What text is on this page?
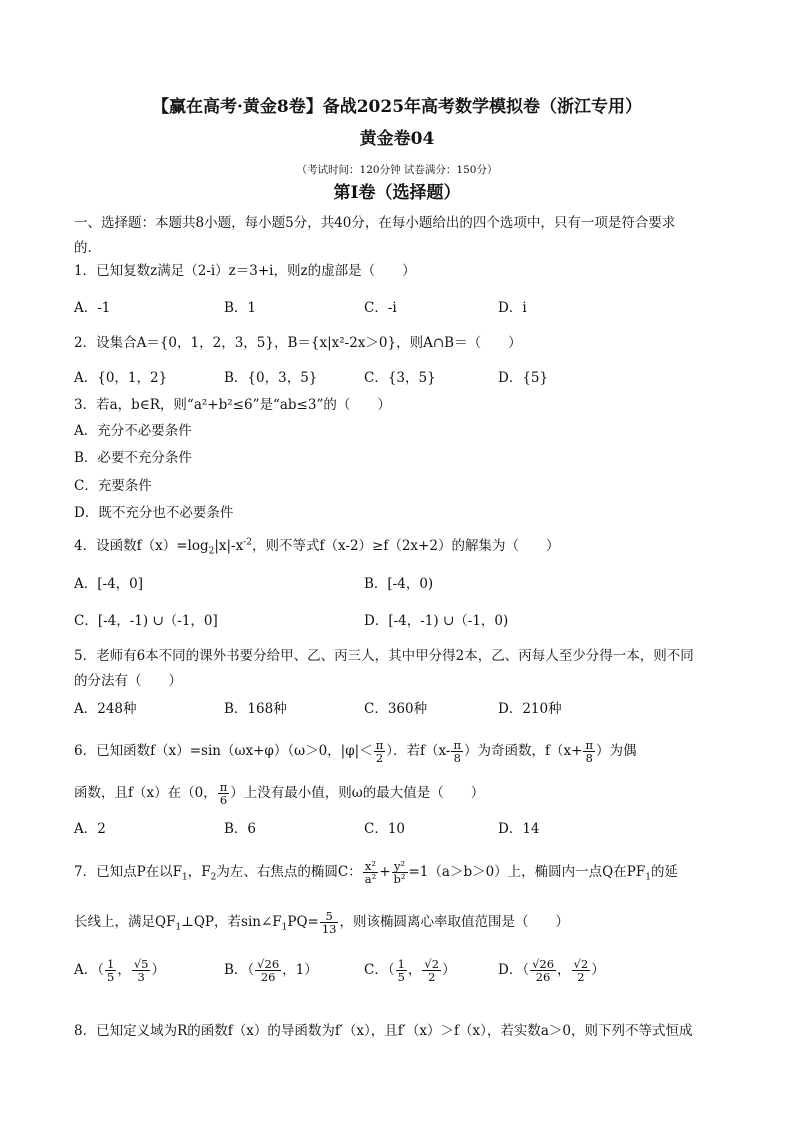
【赢在高考·黄金8卷】备战2025年高考数学模拟卷（浙江专用）
黄金卷04
（考试时间：120分钟 试卷满分：150分）
第I卷（选择题）
一、选择题：本题共8小题，每小题5分，共40分，在每小题给出的四个选项中，只有一项是符合要求
的.
1．已知复数z满足（2-i）z＝3+i，则z的虚部是（　　）
A．-1	B．1	C．-i	D．i
2．设集合A＝{0，1，2，3，5}，B＝{x|x²-2x＞0}，则A∩B＝（　　）
A．{0，1，2}	B．{0，3，5}	C．{3，5}	D．{5}
3．若a，b∈R，则“a²+b²≤6”是“ab≤3”的（　　）
A．充分不必要条件
B．必要不充分条件
C．充要条件
D．既不充分也不必要条件
4．设函数$f(x)=\log_2|x|-x^{-2}$，则不等式f（x-2）≥f（2x+2）的解集为（　　）
A．[-4，0]	B．[-4，0)
C．[-4，-1) ∪（-1，0]	D．[-4，-1) ∪（-1，0)
5．老师有6本不同的课外书要分给甲、乙、丙三人，其中甲分得2本，乙、丙每人至少分得一本，则不同
的分法有（　　）
A．248种	B．168种	C．360种	D．210种
6．已知函数f（x）=sin（ωx+φ）（ω＞0，$|\varphi|< \frac{\pi}{2}$ ）．若$f(x- \frac{\pi}{8}$ ）为奇函数，$f(x+ \frac{\pi}{8}$ ）为偶
函数，且f（x）在（0， $\frac{\pi}{6}$ ）上没有最小值，则ω的最大值是（　　）
A．2	B．6	C．10	D．14
7．已知点P在以$F_1$，$F_2$为左、右焦点的椭圆C： $\frac{\text{x²}}{\text{a²}} + \frac{\text{y²}}{\text{b²}} =1(a>b>0)$上，椭圆内一点Q在$PF_1$的延
长线上，满足$QF_1\perp QP$，若$\sin\angle F_1PQ= \frac{5}{13}$ ，则该椭圆离心率取值范围是（　　）
A．（ $\frac{1}{5}$ ， $\frac{√5}{3}$ ）	B．（ $\frac{√26}{26}$ ，1）	C．（ $\frac{1}{5}$ ， $\frac{√2}{2}$ ）	D．（ $\frac{√26}{26}$ ， $\frac{√2}{2}$ ）
8．已知定义域为R的函数f（x）的导函数为f′（x），且f′（x）＞f（x），若实数a＞0，则下列不等式恒成
